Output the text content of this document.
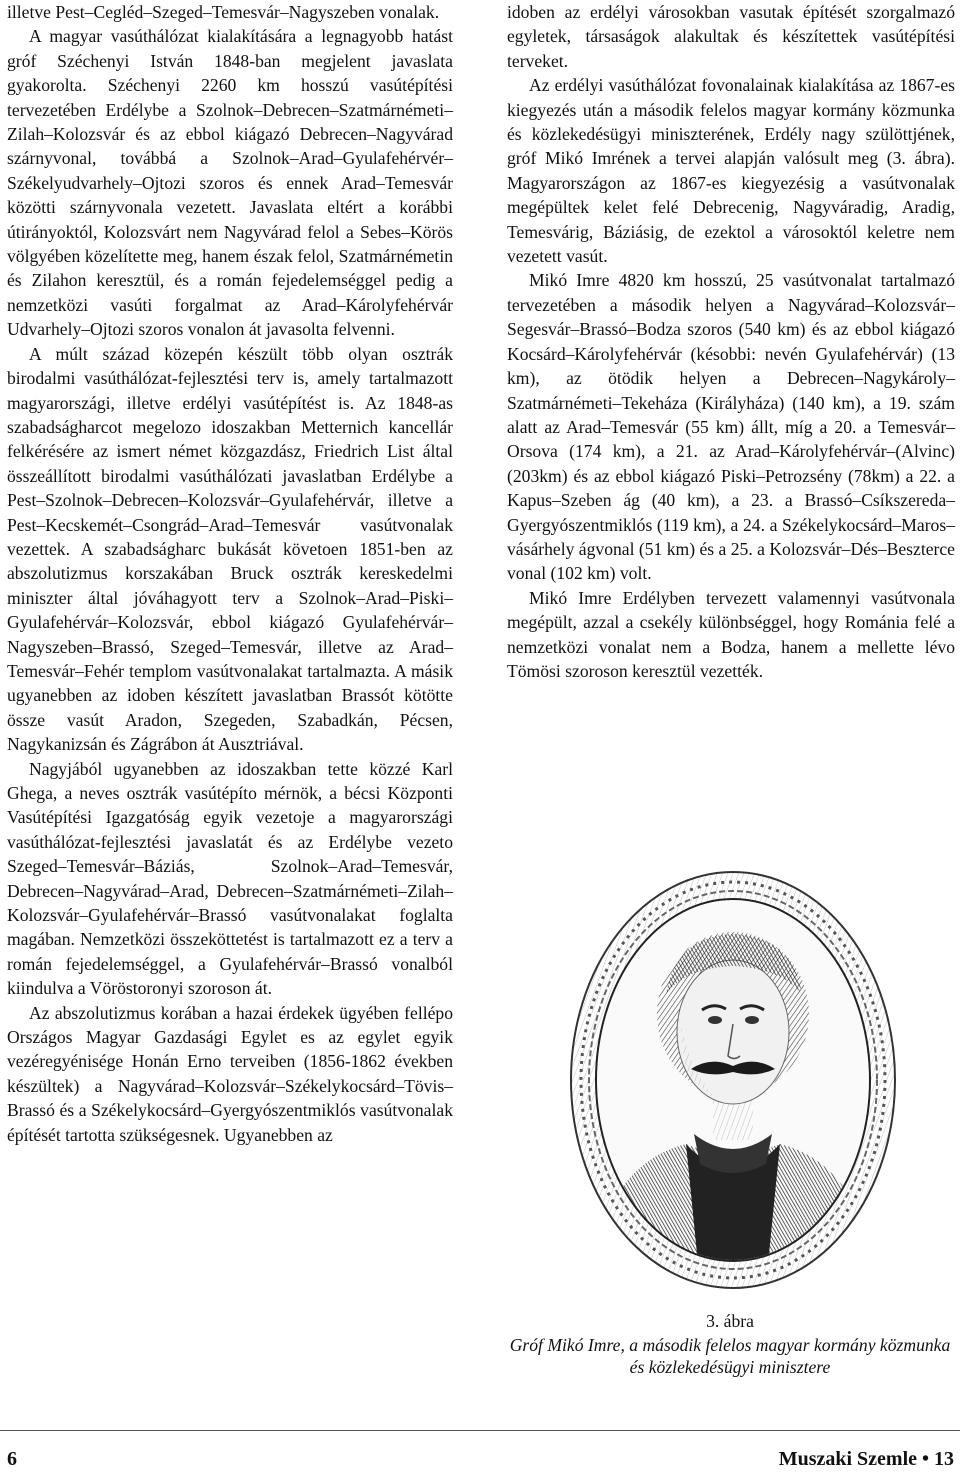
illetve Pest–Cegléd–Szeged–Temesvár–Nagyszeben vonalak.

A magyar vasúthálózat kialakítására a legnagyobb hatást gróf Széchenyi István 1848-ban megjelent javaslata gyakorolta. Széchenyi 2260 km hosszú vasútépítési tervezetében Erdélybe a Szolnok–Debrecen–Szatmárnémeti–Zilah–Kolozsvár és az ebbol kiágazó Debrecen–Nagyvárad szárnyvonal, továbbá a Szolnok–Arad–Gyulafehérvér–Székelyudvarhely–Ojtozi szoros és ennek Arad–Temesvár közötti szárnyvonala vezetett. Javaslata eltért a korábbi útirányoktól, Kolozsvárt nem Nagyvárad felol a Sebes–Körös völgyében közelítette meg, hanem észak felol, Szatmárnémetin és Zilahon keresztül, és a román fejedelemséggel pedig a nemzetközi vasúti forgalmat az Arad–Károlyfehérvár Udvarhely–Ojtozi szoros vonalon át javasolta felvenni.

A múlt század közepén készült több olyan osztrák birodalmi vasúthálózat-fejlesztési terv is, amely tartalmazott magyarországi, illetve erdélyi vasútépítést is. Az 1848-as szabadságharcot megelozo idoszakban Metternich kancellár felkérésére az ismert német közgazdász, Friedrich List által összeállított birodalmi vasúthálózati javaslatban Erdélybe a Pest–Szolnok–Debrecen–Kolozsvár–Gyulafehérvár, illetve a Pest–Kecskemét–Csongrád–Arad–Temesvár vasútvonalak vezettek. A szabadságharc bukását követoen 1851-ben az abszolutizmus korszakában Bruck osztrák kereskedelmi miniszter által jóváhagyott terv a Szolnok–Arad–Piski–Gyulafehérvár–Kolozsvár, ebbol kiágazó Gyulafehérvár–Nagyszeben–Brassó, Szeged–Temesvár, illetve az Arad–Temesvár–Fehér templom vasútvonalakat tartalmazta. A másik ugyanebben az idoben készített javaslatban Brassót kötötte össze vasút Aradon, Szegeden, Szabadkán, Pécsen, Nagykanizsán és Zágrábon át Ausztriával.

Nagyjából ugyanebben az idoszakban tette közzé Karl Ghega, a neves osztrák vasútépíto mérnök, a bécsi Központi Vasútépítési Igazgatóság egyik vezetoje a magyarországi vasúthálózat-fejlesztési javaslatát és az Erdélybe vezeto Szeged–Temesvár–Báziás, Szolnok–Arad–Temesvár, Debrecen–Nagyvárad–Arad, Debrecen–Szatmárnémeti–Zilah–Kolozsvár–Gyulafehérvár–Brassó vasútvonalakat foglalta magában. Nemzetközi összeköttetést is tartalmazott ez a terv a román fejedelemséggel, a Gyulafehérvár–Brassó vonalból kiindulva a Vöröstoronyi szoroson át.

Az abszolutizmus korában a hazai érdekek ügyében fellépo Országos Magyar Gazdasági Egylet es az egylet egyik vezéregyénisége Honán Erno terveiben (1856-1862 években készültek) a Nagyvárad–Kolozsvár–Székelykocsárd–Tövis–Brassó és a Székelykocsárd–Gyergyószentmiklós vasútvonalak építését tartotta szükségesnek. Ugyanebben az

idoben az erdélyi városokban vasutak építését szorgalmazó egyletek, társaságok alakultak és készítettek vasútépítési terveket.

Az erdélyi vasúthálózat fovonalainak kialakítása az 1867-es kiegyezés után a második felelos magyar kormány közmunka és közlekedésügyi miniszterének, Erdély nagy szülöttjének, gróf Mikó Imrének a tervei alapján valósult meg (3. ábra). Magyarországon az 1867-es kiegyezésig a vasútvonalak megépültek kelet felé Debrecenig, Nagyváradig, Aradig, Temesvárig, Báziásig, de ezektol a városoktól keletre nem vezetett vasút.

Mikó Imre 4820 km hosszú, 25 vasútvonalat tartalmazó tervezetében a második helyen a Nagyvárad–Kolozsvár–Segesvár–Brassó–Bodza szoros (540 km) és az ebbol kiágazó Kocsárd–Károlyfehérvár (késobbi: nevén Gyulafehérvár) (13 km), az ötödik helyen a Debrecen–Nagykároly–Szatmárnémeti–Tekeháza (Királyháza) (140 km), a 19. szám alatt az Arad–Temesvár (55 km) állt, míg a 20. a Temesvár–Orsova (174 km), a 21. az Arad–Károlyfehérvár–(Alvinc) (203km) és az ebbol kiágazó Piski–Petrozsény (78km) a 22. a Kapus–Szeben ág (40 km), a 23. a Brassó–Csíkszereda–Gyergyószentmiklós (119 km), a 24. a Székelykocsárd–Maros–vásárhely ágvonal (51 km) és a 25. a Kolozsvár–Dés–Beszterce vonal (102 km) volt.

Mikó Imre Erdélyben tervezett valamennyi vasútvonala megépült, azzal a csekély különbséggel, hogy Románia felé a nemzetközi vonalat nem a Bodza, hanem a mellette lévo Tömösi szoroson keresztül vezették.

3. ábra
Gróf Mikó Imre, a második felelos magyar kormány közmunka és közlekedésügyi minisztere
6	Muszaki Szemle • 13
